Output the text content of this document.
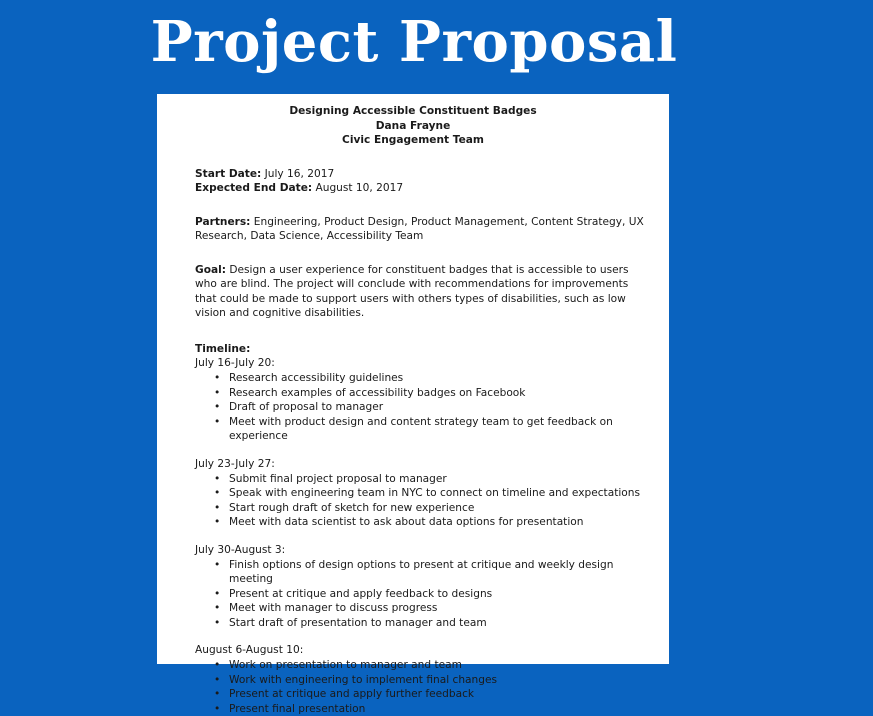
Project Proposal
Designing Accessible Constituent Badges
Dana Frayne
Civic Engagement Team
Start Date: July 16, 2017
Expected End Date: August 10, 2017
Partners: Engineering, Product Design, Product Management, Content Strategy, UX Research, Data Science, Accessibility Team
Goal: Design a user experience for constituent badges that is accessible to users who are blind. The project will conclude with recommendations for improvements that could be made to support users with others types of disabilities, such as low vision and cognitive disabilities.
Timeline:
July 16-July 20:
• Research accessibility guidelines
• Research examples of accessibility badges on Facebook
• Draft of proposal to manager
• Meet with product design and content strategy team to get feedback on experience
July 23-July 27:
• Submit final project proposal to manager
• Speak with engineering team in NYC to connect on timeline and expectations
• Start rough draft of sketch for new experience
• Meet with data scientist to ask about data options for presentation
July 30-August 3:
• Finish options of design options to present at critique and weekly design meeting
• Present at critique and apply feedback to designs
• Meet with manager to discuss progress
• Start draft of presentation to manager and team
August 6-August 10:
• Work on presentation to manager and team
• Work with engineering to implement final changes
• Present at critique and apply further feedback
• Present final presentation
